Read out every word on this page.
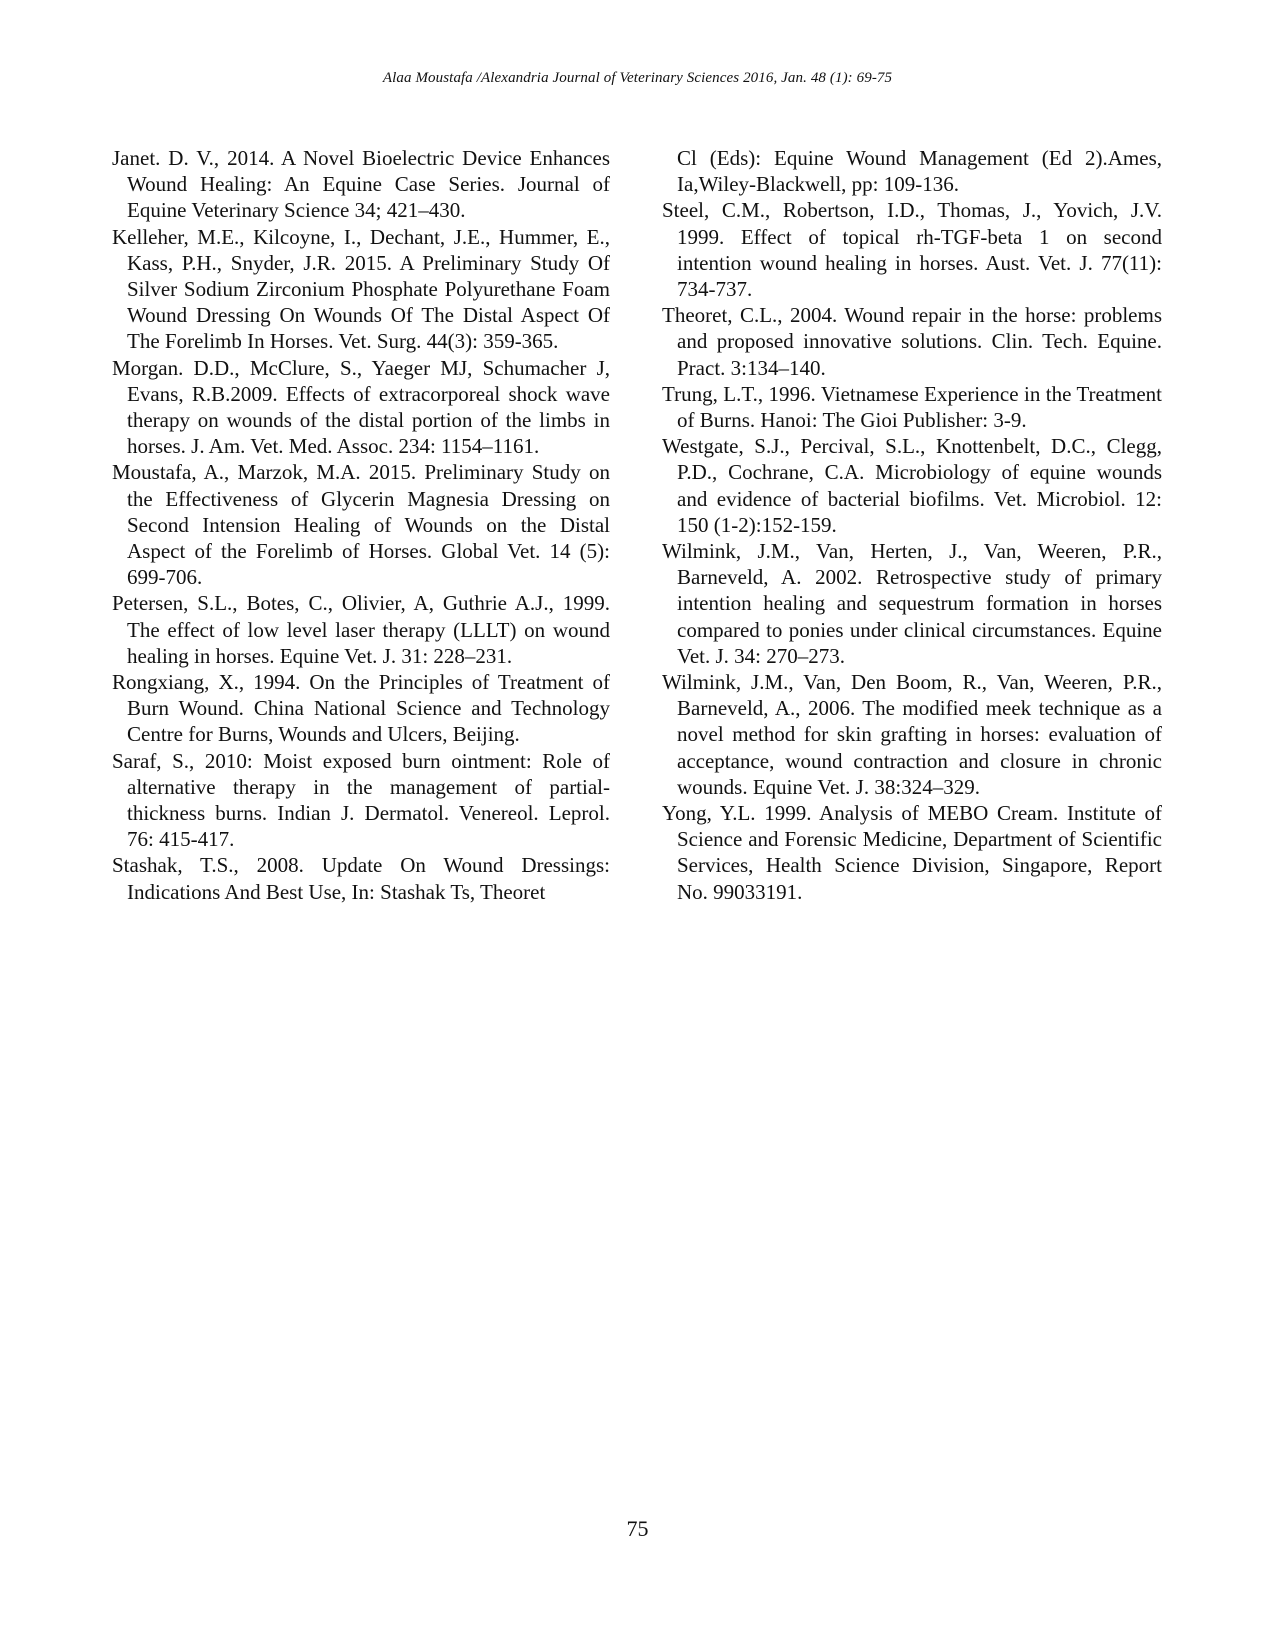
Alaa Moustafa /Alexandria Journal of Veterinary Sciences 2016, Jan. 48 (1): 69-75

Janet. D. V., 2014. A Novel Bioelectric Device Enhances Wound Healing: An Equine Case Series. Journal of Equine Veterinary Science 34; 421–430.

Kelleher, M.E., Kilcoyne, I., Dechant, J.E., Hummer, E., Kass, P.H., Snyder, J.R. 2015. A Preliminary Study Of Silver Sodium Zirconium Phosphate Polyurethane Foam Wound Dressing On Wounds Of The Distal Aspect Of The Forelimb In Horses. Vet. Surg. 44(3): 359-365.

Morgan. D.D., McClure, S., Yaeger MJ, Schumacher J, Evans, R.B.2009. Effects of extracorporeal shock wave therapy on wounds of the distal portion of the limbs in horses. J. Am. Vet. Med. Assoc. 234: 1154–1161.

Moustafa, A., Marzok, M.A. 2015. Preliminary Study on the Effectiveness of Glycerin Magnesia Dressing on Second Intension Healing of Wounds on the Distal Aspect of the Forelimb of Horses. Global Vet. 14 (5): 699-706.

Petersen, S.L., Botes, C., Olivier, A, Guthrie A.J., 1999. The effect of low level laser therapy (LLLT) on wound healing in horses. Equine Vet. J. 31: 228–231.

Rongxiang, X., 1994. On the Principles of Treatment of Burn Wound. China National Science and Technology Centre for Burns, Wounds and Ulcers, Beijing.

Saraf, S., 2010: Moist exposed burn ointment: Role of alternative therapy in the management of partial-thickness burns. Indian J. Dermatol. Venereol. Leprol. 76: 415-417.

Stashak, T.S., 2008. Update On Wound Dressings: Indications And Best Use, In: Stashak Ts, Theoret

Cl (Eds): Equine Wound Management (Ed 2).Ames, Ia,Wiley-Blackwell, pp: 109-136.

Steel, C.M., Robertson, I.D., Thomas, J., Yovich, J.V. 1999. Effect of topical rh-TGF-beta 1 on second intention wound healing in horses. Aust. Vet. J. 77(11): 734-737.

Theoret, C.L., 2004. Wound repair in the horse: problems and proposed innovative solutions. Clin. Tech. Equine. Pract. 3:134–140.

Trung, L.T., 1996. Vietnamese Experience in the Treatment of Burns. Hanoi: The Gioi Publisher: 3-9.

Westgate, S.J., Percival, S.L., Knottenbelt, D.C., Clegg, P.D., Cochrane, C.A. Microbiology of equine wounds and evidence of bacterial biofilms. Vet. Microbiol. 12: 150 (1-2):152-159.

Wilmink, J.M., Van, Herten, J., Van, Weeren, P.R., Barneveld, A. 2002. Retrospective study of primary intention healing and sequestrum formation in horses compared to ponies under clinical circumstances. Equine Vet. J. 34: 270–273.

Wilmink, J.M., Van, Den Boom, R., Van, Weeren, P.R., Barneveld, A., 2006. The modified meek technique as a novel method for skin grafting in horses: evaluation of acceptance, wound contraction and closure in chronic wounds. Equine Vet. J. 38:324–329.

Yong, Y.L. 1999. Analysis of MEBO Cream. Institute of Science and Forensic Medicine, Department of Scientific Services, Health Science Division, Singapore, Report No. 99033191.

75
